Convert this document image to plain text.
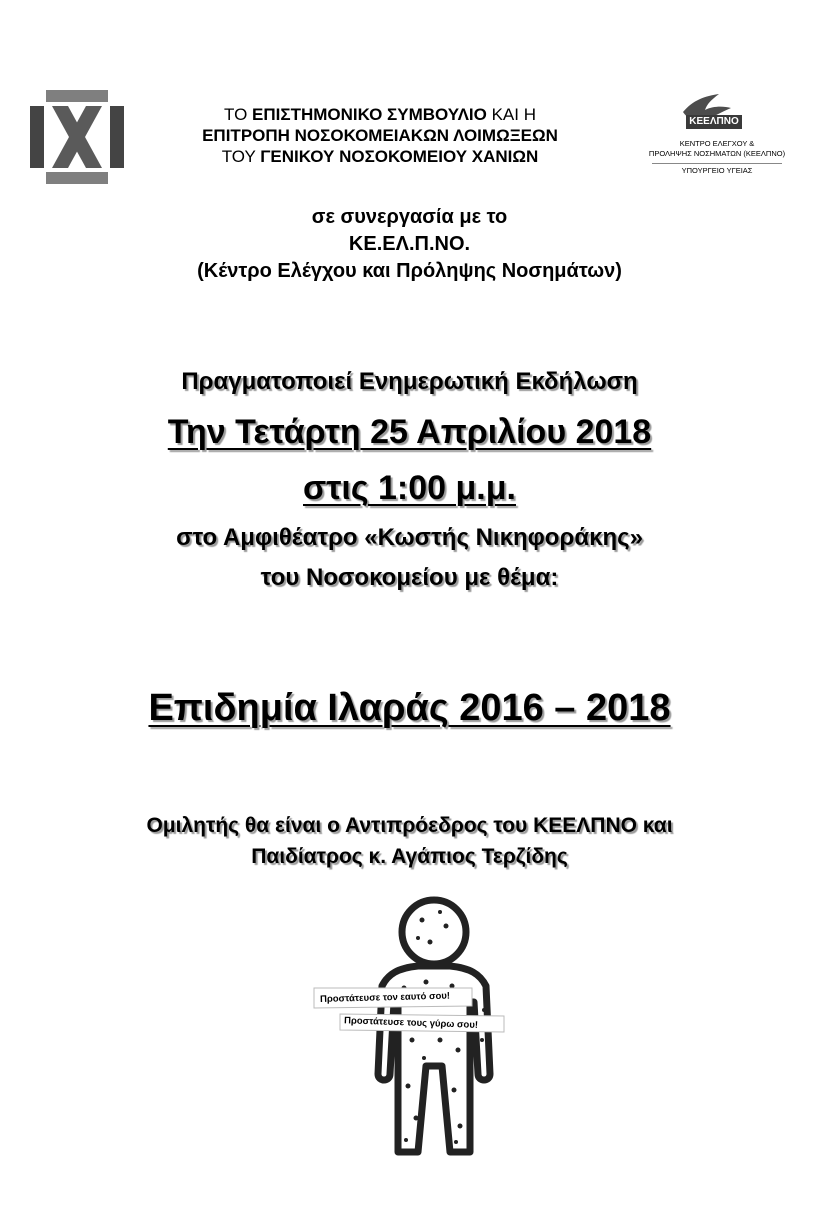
ΤΟ ΕΠΙΣΤΗΜΟΝΙΚΟ ΣΥΜΒΟΥΛΙΟ ΚΑΙ Η
ΕΠΙΤΡΟΠΗ ΝΟΣΟΚΟΜΕΙΑΚΩΝ ΛΟΙΜΩΞΕΩΝ
ΤΟΥ ΓΕΝΙΚΟΥ ΝΟΣΟΚΟΜΕΙΟΥ ΧΑΝΙΩΝ
ΚΕΕΛΠΝΟ
ΚΕΝΤΡΟ ΕΛΕΓΧΟΥ &
ΠΡΟΛΗΨΗΣ ΝΟΣΗΜΑΤΩΝ (ΚΕΕΛΠΝΟ)
ΥΠΟΥΡΓΕΙΟ ΥΓΕΙΑΣ
σε συνεργασία με το
ΚΕ.ΕΛ.Π.ΝΟ.
(Κέντρο Ελέγχου και Πρόληψης Νοσημάτων)
Πραγματοποιεί Ενημερωτική Εκδήλωση
Την Τετάρτη 25 Απριλίου 2018
στις 1:00 μ.μ.
στο Αμφιθέατρο «Κωστής Νικηφοράκης»
του Νοσοκομείου με θέμα:
Επιδημία Ιλαράς 2016 – 2018
Ομιλητής θα είναι ο Αντιπρόεδρος του ΚΕΕΛΠΝΟ και
Παιδίατρος κ. Αγάπιος Τερζίδης
Προστάτευσε τον εαυτό σου!
Προστάτευσε τους γύρω σου!
